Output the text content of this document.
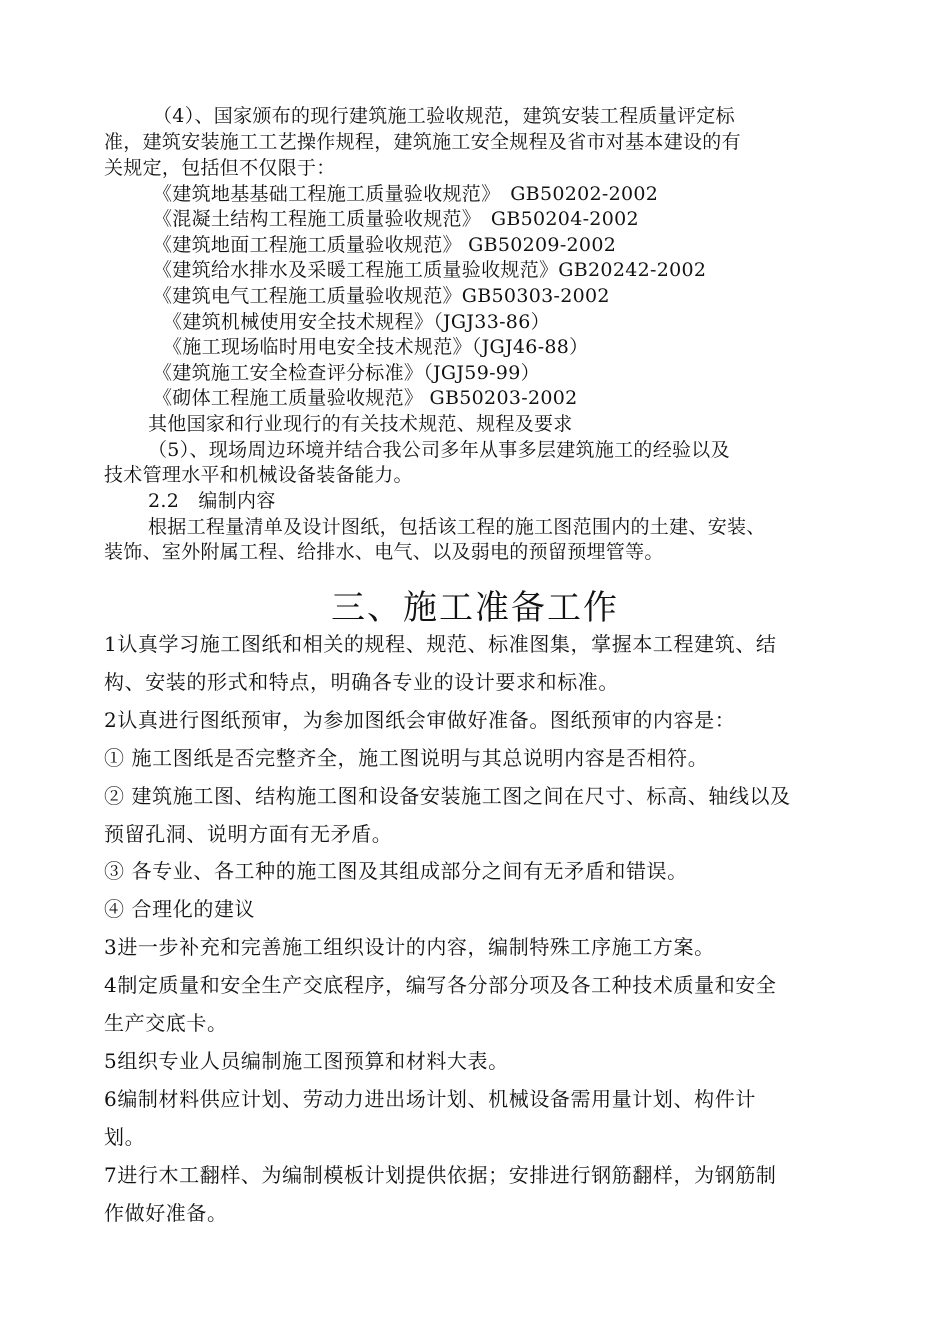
（4）、国家颁布的现行建筑施工验收规范，建筑安装工程质量评定标
准，建筑安装施工工艺操作规程，建筑施工安全规程及省市对基本建设的有
关规定，包括但不仅限于：
《建筑地基基础工程施工质量验收规范》　GB50202-2002
《混凝土结构工程施工质量验收规范》　GB50204-2002
《建筑地面工程施工质量验收规范》 GB50209-2002
《建筑给水排水及采暖工程施工质量验收规范》GB20242-2002
《建筑电气工程施工质量验收规范》GB50303-2002
《建筑机械使用安全技术规程》（JGJ33-86）
《施工现场临时用电安全技术规范》（JGJ46-88）
《建筑施工安全检查评分标准》（JGJ59-99）
《砌体工程施工质量验收规范》 GB50203-2002
其他国家和行业现行的有关技术规范、规程及要求
（5）、现场周边环境并结合我公司多年从事多层建筑施工的经验以及
技术管理水平和机械设备装备能力。
2.2　编制内容
根据工程量清单及设计图纸，包括该工程的施工图范围内的土建、安装、
装饰、室外附属工程、给排水、电气、以及弱电的预留预埋管等。
三、施工准备工作
1认真学习施工图纸和相关的规程、规范、标准图集，掌握本工程建筑、结
构、安装的形式和特点，明确各专业的设计要求和标准。
2认真进行图纸预审，为参加图纸会审做好准备。图纸预审的内容是：
① 施工图纸是否完整齐全，施工图说明与其总说明内容是否相符。
② 建筑施工图、结构施工图和设备安装施工图之间在尺寸、标高、轴线以及
预留孔洞、说明方面有无矛盾。
③ 各专业、各工种的施工图及其组成部分之间有无矛盾和错误。
④ 合理化的建议
3进一步补充和完善施工组织设计的内容，编制特殊工序施工方案。
4制定质量和安全生产交底程序，编写各分部分项及各工种技术质量和安全
生产交底卡。
5组织专业人员编制施工图预算和材料大表。
6编制材料供应计划、劳动力进出场计划、机械设备需用量计划、构件计
划。
7进行木工翻样、为编制模板计划提供依据；安排进行钢筋翻样，为钢筋制
作做好准备。
